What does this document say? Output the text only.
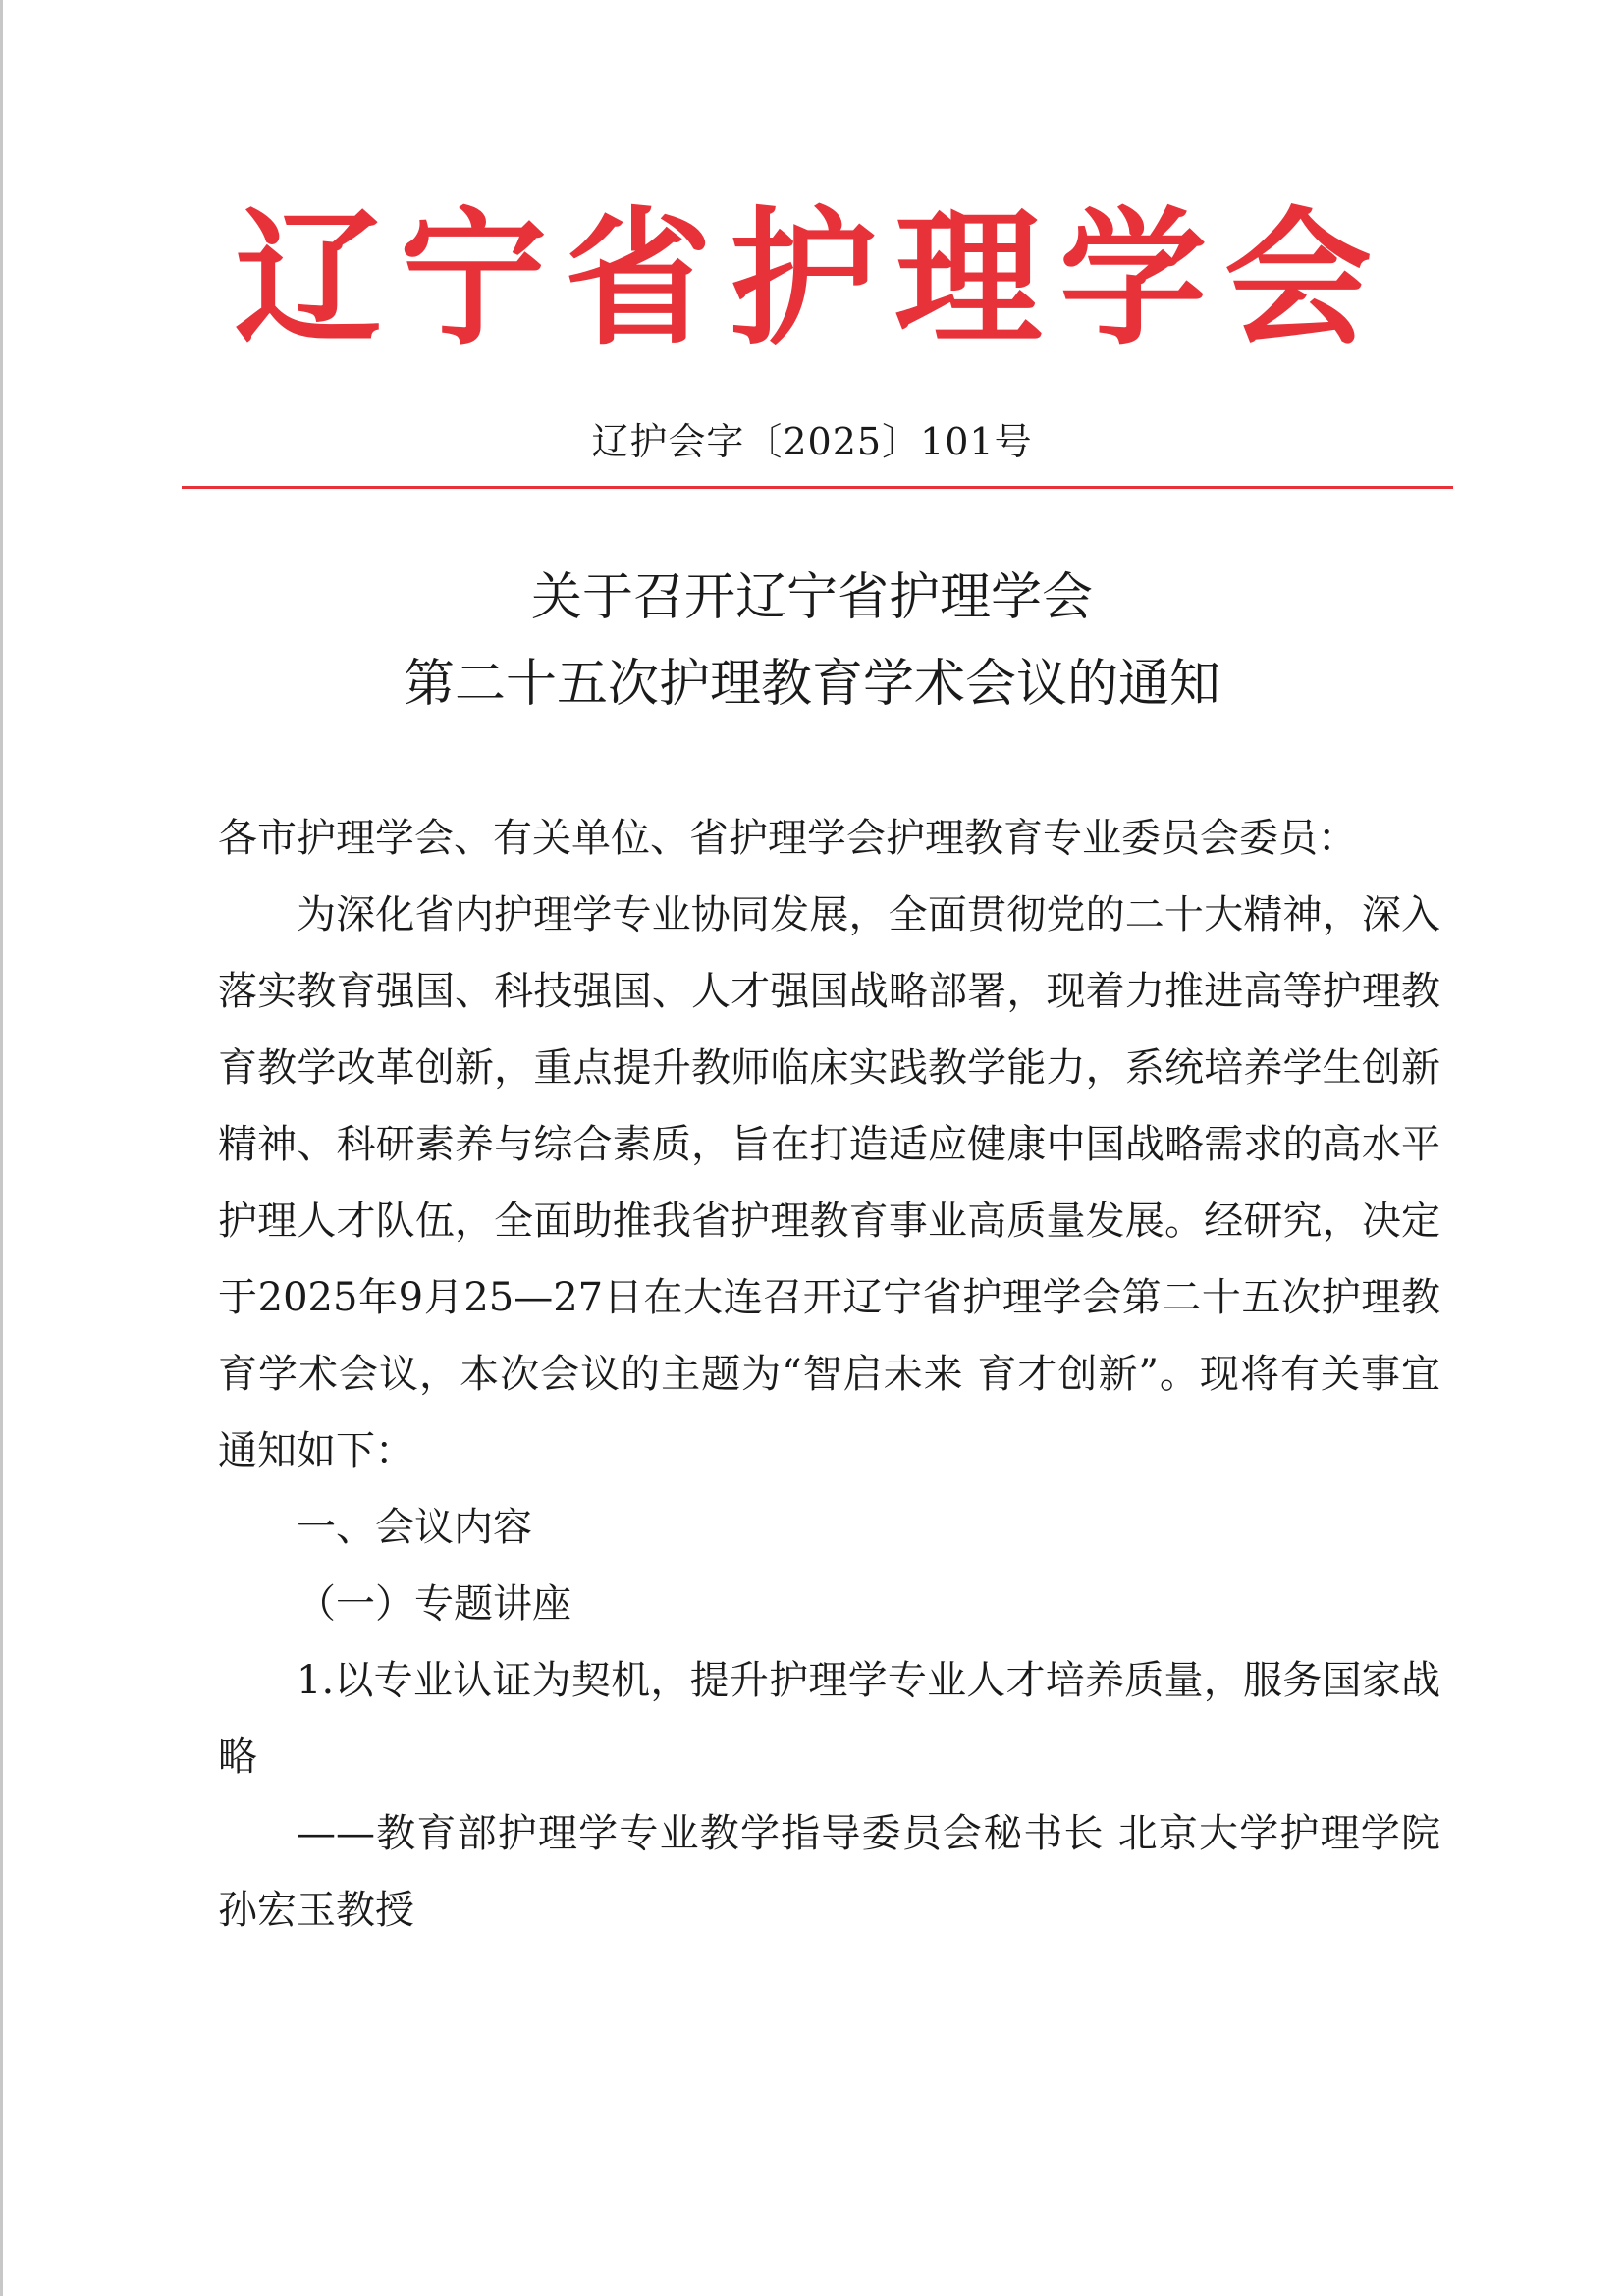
辽宁省护理学会
辽护会字〔2025〕101号
关于召开辽宁省护理学会
第二十五次护理教育学术会议的通知

各市护理学会、有关单位、省护理学会护理教育专业委员会委员：

为深化省内护理学专业协同发展，全面贯彻党的二十大精神，深入落实教育强国、科技强国、人才强国战略部署，现着力推进高等护理教育教学改革创新，重点提升教师临床实践教学能力，系统培养学生创新精神、科研素养与综合素质，旨在打造适应健康中国战略需求的高水平护理人才队伍，全面助推我省护理教育事业高质量发展。经研究，决定于2025年9月25—27日在大连召开辽宁省护理学会第二十五次护理教育学术会议，本次会议的主题为“智启未来 育才创新”。现将有关事宜通知如下：

一、会议内容

（一）专题讲座

1.以专业认证为契机，提升护理学专业人才培养质量，服务国家战略

——教育部护理学专业教学指导委员会秘书长 北京大学护理学院 孙宏玉教授
